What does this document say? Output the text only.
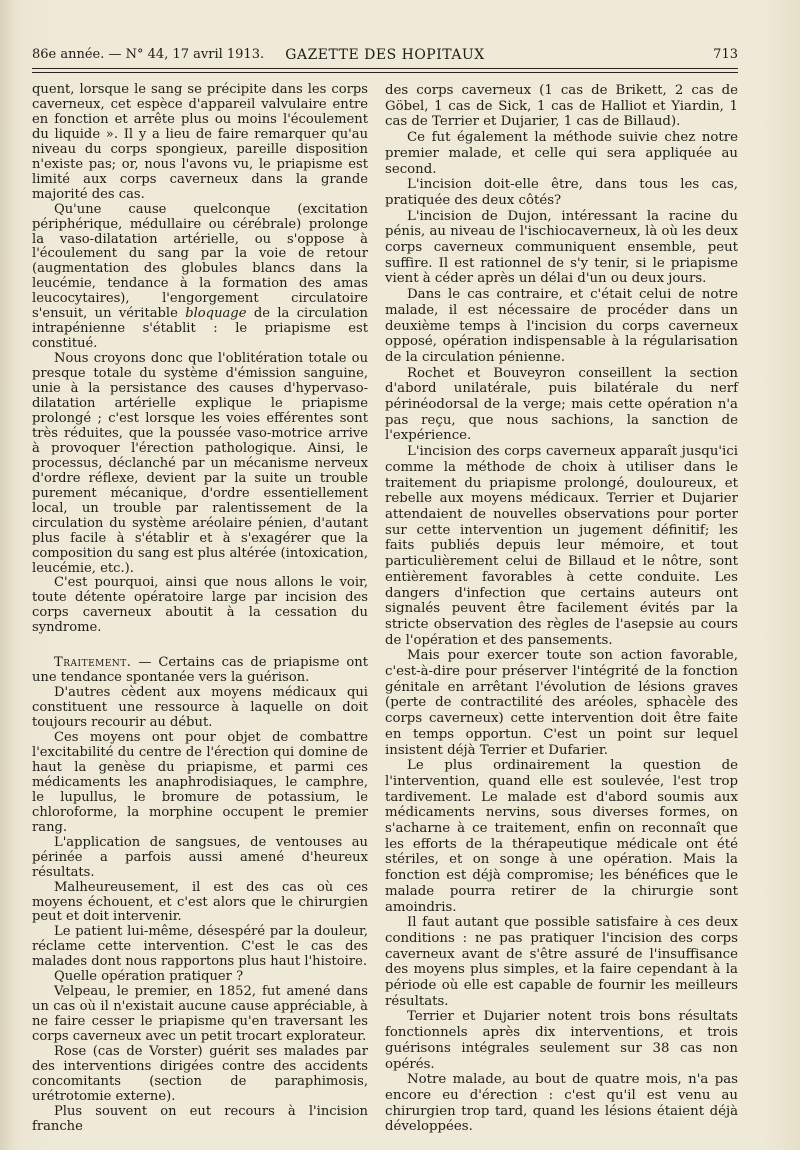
86e année. — N° 44, 17 avril 1913.	GAZETTE DES HOPITAUX	713

quent, lorsque le sang se précipite dans les corps caverneux, cet espèce d'appareil valvulaire entre en fonction et arrête plus ou moins l'écoulement du liquide ». Il y a lieu de faire remarquer qu'au niveau du corps spongieux, pareille disposition n'existe pas; or, nous l'avons vu, le priapisme est limité aux corps caverneux dans la grande majorité des cas.

Qu'une cause quelconque (excitation périphérique, médullaire ou cérébrale) prolonge la vaso-dilatation artérielle, ou s'oppose à l'écoulement du sang par la voie de retour (augmentation des globules blancs dans la leucémie, tendance à la formation des amas leucocytaires), l'engorgement circulatoire s'ensuit, un véritable bloquage de la circulation intrapénienne s'établit : le priapisme est constitué.

Nous croyons donc que l'oblitération totale ou presque totale du système d'émission sanguine, unie à la persistance des causes d'hypervaso-dilatation artérielle explique le priapisme prolongé ; c'est lorsque les voies efférentes sont très réduites, que la poussée vaso-motrice arrive à provoquer l'érection pathologique. Ainsi, le processus, déclanché par un mécanisme nerveux d'ordre réflexe, devient par la suite un trouble purement mécanique, d'ordre essentiellement local, un trouble par ralentissement de la circulation du système aréolaire pénien, d'autant plus facile à s'établir et à s'exagérer que la composition du sang est plus altérée (intoxication, leucémie, etc.).

C'est pourquoi, ainsi que nous allons le voir, toute détente opératoire large par incision des corps caverneux aboutit à la cessation du syndrome.

Traitement. — Certains cas de priapisme ont une tendance spontanée vers la guérison.

D'autres cèdent aux moyens médicaux qui constituent une ressource à laquelle on doit toujours recourir au début.

Ces moyens ont pour objet de combattre l'excitabilité du centre de l'érection qui domine de haut la genèse du priapisme, et parmi ces médicaments les anaphrodisiaques, le camphre, le lupullus, le bromure de potassium, le chloroforme, la morphine occupent le premier rang.

L'application de sangsues, de ventouses au périnée a parfois aussi amené d'heureux résultats.

Malheureusement, il est des cas où ces moyens échouent, et c'est alors que le chirurgien peut et doit intervenir.

Le patient lui-même, désespéré par la douleur, réclame cette intervention. C'est le cas des malades dont nous rapportons plus haut l'histoire.

Quelle opération pratiquer ?

Velpeau, le premier, en 1852, fut amené dans un cas où il n'existait aucune cause appréciable, à ne faire cesser le priapisme qu'en traversant les corps caverneux avec un petit trocart explorateur.

Rose (cas de Vorster) guérit ses malades par des interventions dirigées contre des accidents concomitants (section de paraphimosis, urétrotomie externe).

Plus souvent on eut recours à l'incision franche

des corps caverneux (1 cas de Brikett, 2 cas de Göbel, 1 cas de Sick, 1 cas de Halliot et Yiardin, 1 cas de Terrier et Dujarier, 1 cas de Billaud).

Ce fut également la méthode suivie chez notre premier malade, et celle qui sera appliquée au second.

L'incision doit-elle être, dans tous les cas, pratiquée des deux côtés?

L'incision de Dujon, intéressant la racine du pénis, au niveau de l'ischiocaverneux, là où les deux corps caverneux communiquent ensemble, peut suffire. Il est rationnel de s'y tenir, si le priapisme vient à céder après un délai d'un ou deux jours.

Dans le cas contraire, et c'était celui de notre malade, il est nécessaire de procéder dans un deuxième temps à l'incision du corps caverneux opposé, opération indispensable à la régularisation de la circulation pénienne.

Rochet et Bouveyron conseillent la section d'abord unilatérale, puis bilatérale du nerf périnéodorsal de la verge; mais cette opération n'a pas reçu, que nous sachions, la sanction de l'expérience.

L'incision des corps caverneux apparaît jusqu'ici comme la méthode de choix à utiliser dans le traitement du priapisme prolongé, douloureux, et rebelle aux moyens médicaux. Terrier et Dujarier attendaient de nouvelles observations pour porter sur cette intervention un jugement définitif; les faits publiés depuis leur mémoire, et tout particulièrement celui de Billaud et le nôtre, sont entièrement favorables à cette conduite. Les dangers d'infection que certains auteurs ont signalés peuvent être facilement évités par la stricte observation des règles de l'asepsie au cours de l'opération et des pansements.

Mais pour exercer toute son action favorable, c'est-à-dire pour préserver l'intégrité de la fonction génitale en arrêtant l'évolution de lésions graves (perte de contractilité des aréoles, sphacèle des corps caverneux) cette intervention doit être faite en temps opportun. C'est un point sur lequel insistent déjà Terrier et Dufarier.

Le plus ordinairement la question de l'intervention, quand elle est soulevée, l'est trop tardivement. Le malade est d'abord soumis aux médicaments nervins, sous diverses formes, on s'acharne à ce traitement, enfin on reconnaît que les efforts de la thérapeutique médicale ont été stériles, et on songe à une opération. Mais la fonction est déjà compromise; les bénéfices que le malade pourra retirer de la chirurgie sont amoindris.

Il faut autant que possible satisfaire à ces deux conditions : ne pas pratiquer l'incision des corps caverneux avant de s'être assuré de l'insuffisance des moyens plus simples, et la faire cependant à la période où elle est capable de fournir les meilleurs résultats.

Terrier et Dujarier notent trois bons résultats fonctionnels après dix interventions, et trois guérisons intégrales seulement sur 38 cas non opérés.

Notre malade, au bout de quatre mois, n'a pas encore eu d'érection : c'est qu'il est venu au chirurgien trop tard, quand les lésions étaient déjà développées.
